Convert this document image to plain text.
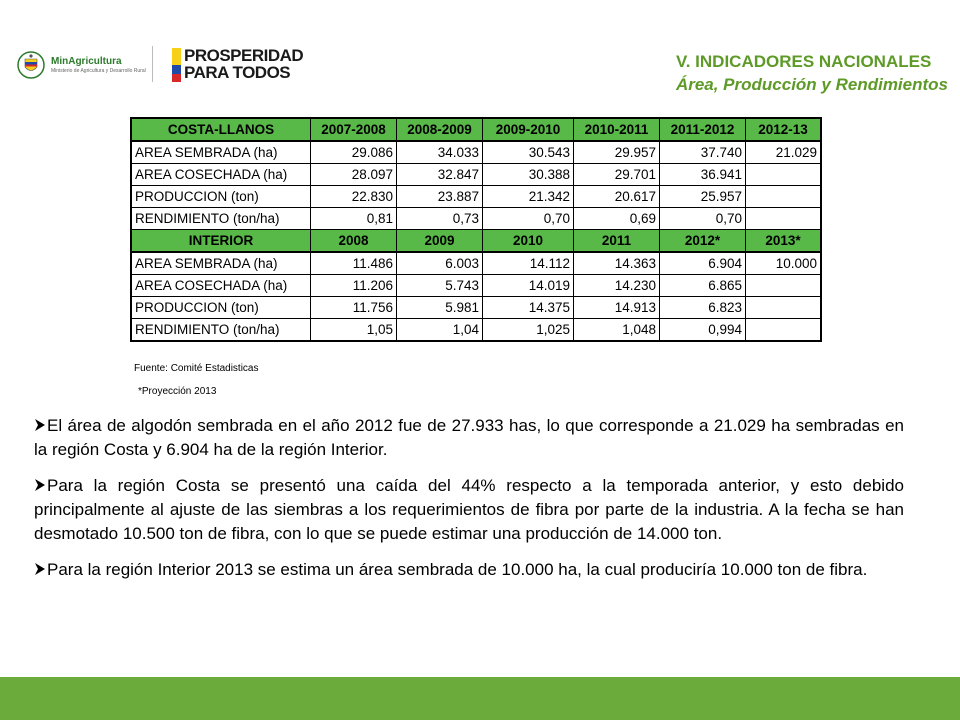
MinAgricultura
Ministerio de Agricultura y Desarrollo Rural
PROSPERIDAD
PARA TODOS
V. INDICADORES NACIONALES
Área, Producción y Rendimientos
COSTA-LLANOS	2007-2008	2008-2009	2009-2010	2010-2011	2011-2012	2012-13
AREA SEMBRADA (ha)	29.086	34.033	30.543	29.957	37.740	21.029
AREA COSECHADA (ha)	28.097	32.847	30.388	29.701	36.941	
PRODUCCION (ton)	22.830	23.887	21.342	20.617	25.957	
RENDIMIENTO (ton/ha)	0,81	0,73	0,70	0,69	0,70	
INTERIOR	2008	2009	2010	2011	2012*	2013*
AREA SEMBRADA (ha)	11.486	6.003	14.112	14.363	6.904	10.000
AREA COSECHADA (ha)	11.206	5.743	14.019	14.230	6.865	
PRODUCCION (ton)	11.756	5.981	14.375	14.913	6.823	
RENDIMIENTO (ton/ha)	1,05	1,04	1,025	1,048	0,994	
Fuente: Comité Estadisticas
*Proyección 2013

El área de algodón sembrada en el año 2012 fue de 27.933 has, lo que corresponde a 21.029 ha sembradas en la región Costa y 6.904 ha de la región Interior.

Para la región Costa se presentó una caída del 44% respecto a la temporada anterior, y esto debido principalmente al ajuste de las siembras a los requerimientos de fibra por parte de la industria. A la fecha se han desmotado 10.500 ton de fibra, con lo que se puede estimar una producción de 14.000 ton.

Para la región Interior 2013 se estima un área sembrada de 10.000 ha, la cual produciría 10.000 ton de fibra.
